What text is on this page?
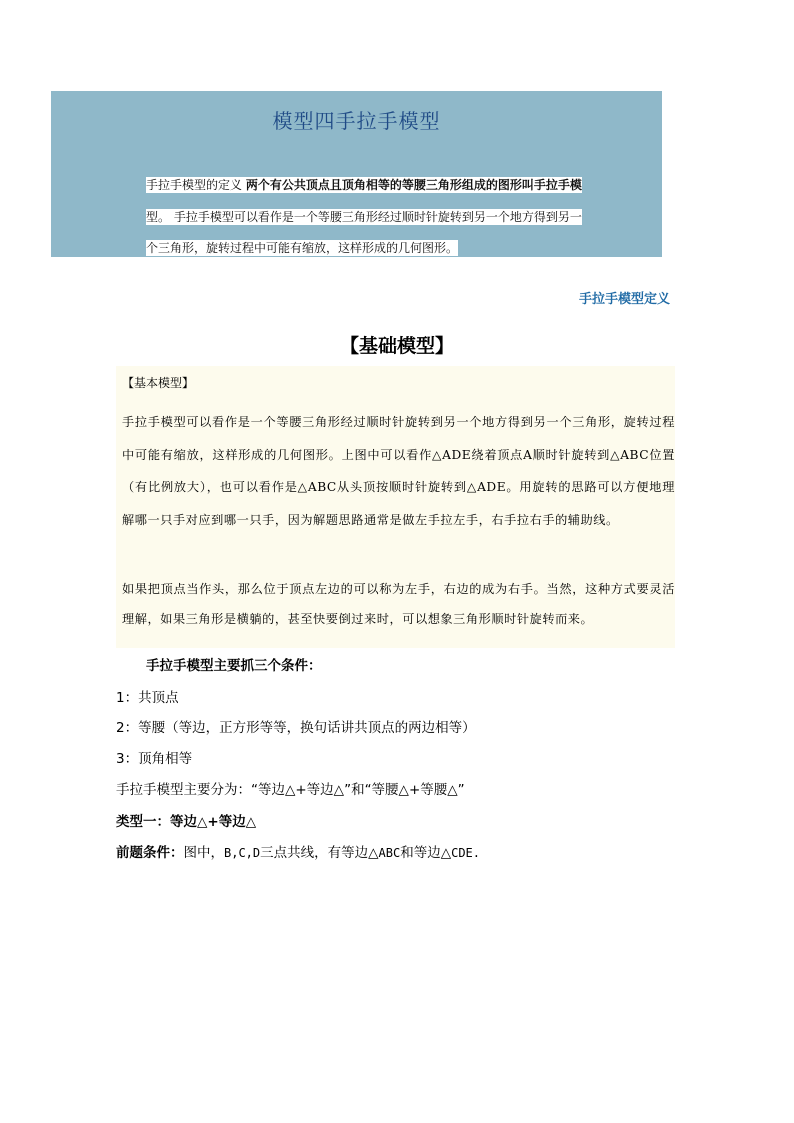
模型四手拉手模型
手拉手模型的定义 两个有公共顶点且顶角相等的等腰三角形组成的图形叫手拉手模
型。 手拉手模型可以看作是一个等腰三角形经过顺时针旋转到另一个地方得到另一
个三角形，旋转过程中可能有缩放，这样形成的几何图形。
手拉手模型定义
【基础模型】
【基本模型】
手拉手模型可以看作是一个等腰三角形经过顺时针旋转到另一个地方得到另一个三角形，旋转过程中可能有缩放，这样形成的几何图形。上图中可以看作△ADE绕着顶点A顺时针旋转到△ABC位置（有比例放大），也可以看作是△ABC从头顶按顺时针旋转到△ADE。用旋转的思路可以方便地理解哪一只手对应到哪一只手，因为解题思路通常是做左手拉左手，右手拉右手的辅助线。
如果把顶点当作头，那么位于顶点左边的可以称为左手，右边的成为右手。当然，这种方式要灵活理解，如果三角形是横躺的，甚至快要倒过来时，可以想象三角形顺时针旋转而来。
手拉手模型主要抓三个条件：
1：共顶点
2：等腰（等边，正方形等等，换句话讲共顶点的两边相等）
3：顶角相等
手拉手模型主要分为：“等边△+等边△”和“等腰△+等腰△”
类型一：等边△+等边△
前题条件：图中，B,C,D三点共线，有等边△ABC和等边△CDE.
